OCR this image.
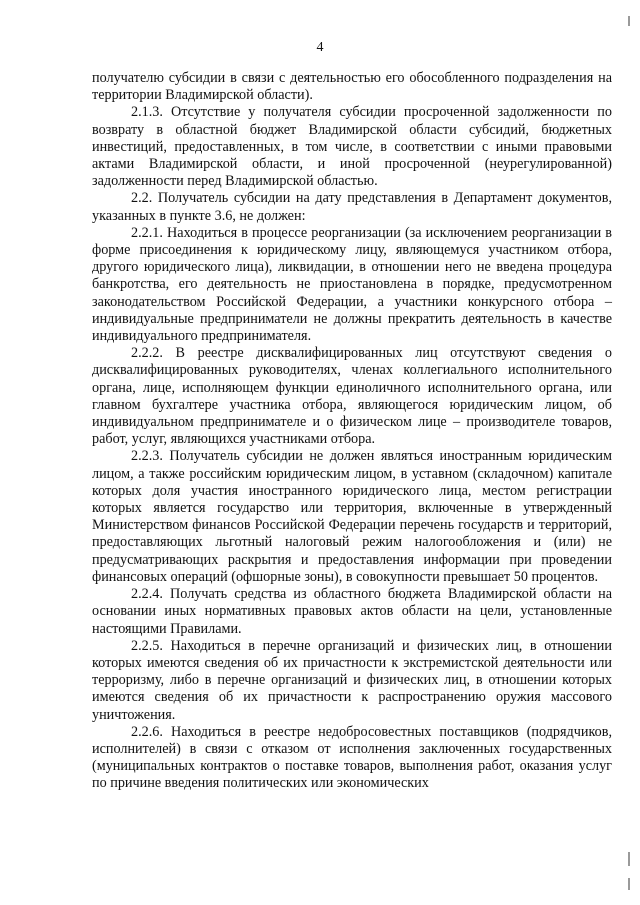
4

получателю субсидии в связи с деятельностью его обособленного подразделения на территории Владимирской области).

2.1.3. Отсутствие у получателя субсидии просроченной задолженности по возврату в областной бюджет Владимирской области субсидий, бюджетных инвестиций, предоставленных, в том числе, в соответствии с иными правовыми актами Владимирской области, и иной просроченной (неурегулированной) задолженности перед Владимирской областью.

2.2. Получатель субсидии на дату представления в Департамент документов, указанных в пункте 3.6, не должен:

2.2.1. Находиться в процессе реорганизации (за исключением реорганизации в форме присоединения к юридическому лицу, являющемуся участником отбора, другого юридического лица), ликвидации, в отношении него не введена процедура банкротства, его деятельность не приостановлена в порядке, предусмотренном законодательством Российской Федерации, а участники конкурсного отбора – индивидуальные предприниматели не должны прекратить деятельность в качестве индивидуального предпринимателя.

2.2.2. В реестре дисквалифицированных лиц отсутствуют сведения о дисквалифицированных руководителях, членах коллегиального исполнительного органа, лице, исполняющем функции единоличного исполнительного органа, или главном бухгалтере участника отбора, являющегося юридическим лицом, об индивидуальном предпринимателе и о физическом лице – производителе товаров, работ, услуг, являющихся участниками отбора.

2.2.3. Получатель субсидии не должен являться иностранным юридическим лицом, а также российским юридическим лицом, в уставном (складочном) капитале которых доля участия иностранного юридического лица, местом регистрации которых является государство или территория, включенные в утвержденный Министерством финансов Российской Федерации перечень государств и территорий, предоставляющих льготный налоговый режим налогообложения и (или) не предусматривающих раскрытия и предоставления информации при проведении финансовых операций (офшорные зоны), в совокупности превышает 50 процентов.

2.2.4. Получать средства из областного бюджета Владимирской области на основании иных нормативных правовых актов области на цели, установленные настоящими Правилами.

2.2.5. Находиться в перечне организаций и физических лиц, в отношении которых имеются сведения об их причастности к экстремистской деятельности или терроризму, либо в перечне организаций и физических лиц, в отношении которых имеются сведения об их причастности к распространению оружия массового уничтожения.

2.2.6. Находиться в реестре недобросовестных поставщиков (подрядчиков, исполнителей) в связи с отказом от исполнения заключенных государственных (муниципальных контрактов о поставке товаров, выполнения работ, оказания услуг по причине введения политических или экономических
